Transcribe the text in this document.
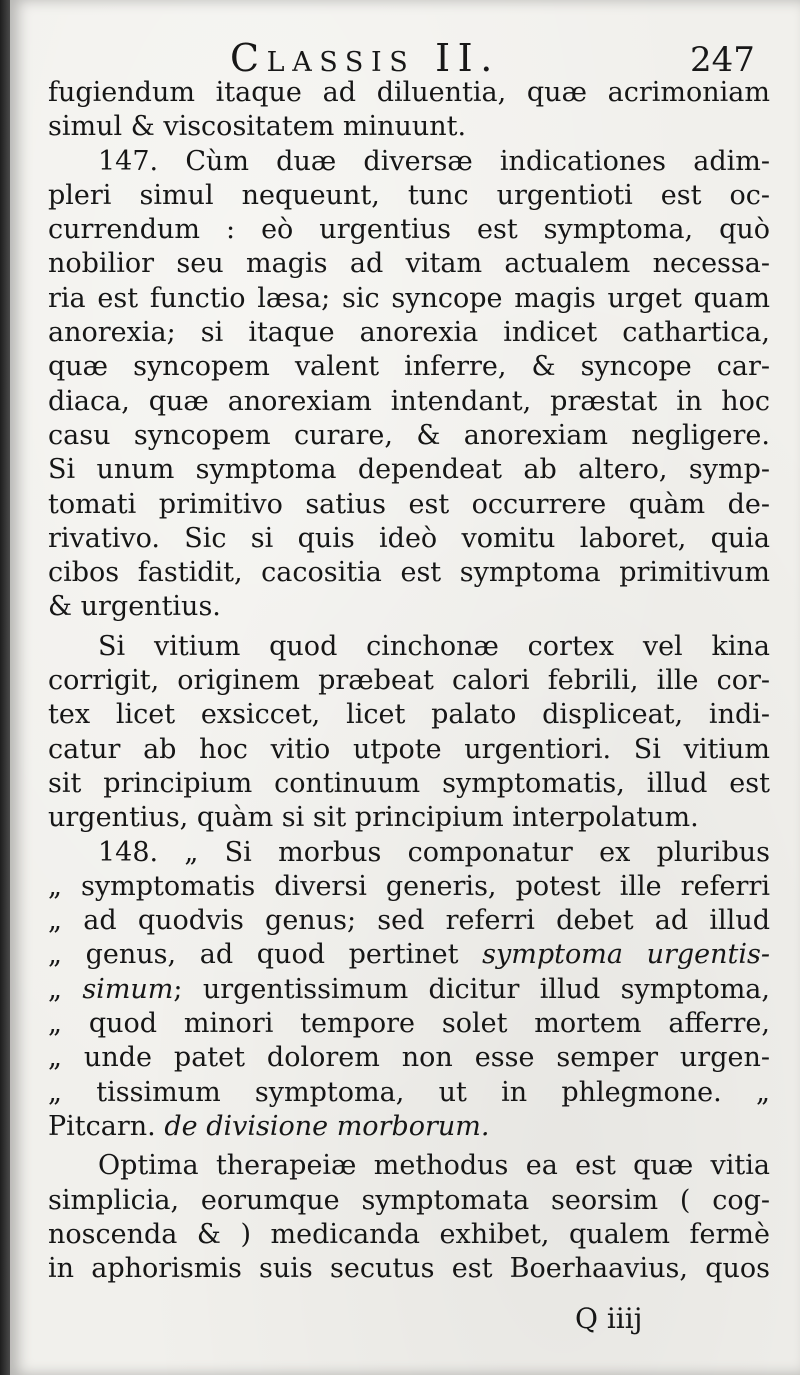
Classis II.	247
fugiendum itaque ad diluentia, quæ acrimoniam
simul & viscositatem minuunt.
147. Cùm duæ diversæ indicationes adim-
pleri simul nequeunt, tunc urgentioti est oc-
currendum : eò urgentius est symptoma, quò
nobilior seu magis ad vitam actualem necessa-
ria est functio læsa; sic syncope magis urget quam
anorexia; si itaque anorexia indicet cathartica,
quæ syncopem valent inferre, & syncope car-
diaca, quæ anorexiam intendant, præstat in hoc
casu syncopem curare, & anorexiam negligere.
Si unum symptoma dependeat ab altero, symp-
tomati primitivo satius est occurrere quàm de-
rivativo. Sic si quis ideò vomitu laboret, quia
cibos fastidit, cacositia est symptoma primitivum
& urgentius.
Si vitium quod cinchonæ cortex vel kina
corrigit, originem præbeat calori febrili, ille cor-
tex licet exsiccet, licet palato displiceat, indi-
catur ab hoc vitio utpote urgentiori. Si vitium
sit principium continuum symptomatis, illud est
urgentius, quàm si sit principium interpolatum.
148. „ Si morbus componatur ex pluribus
„ symptomatis diversi generis, potest ille referri
„ ad quodvis genus; sed referri debet ad illud
„ genus, ad quod pertinet symptoma urgentis-
„ simum; urgentissimum dicitur illud symptoma,
„ quod minori tempore solet mortem afferre,
„ unde patet dolorem non esse semper urgen-
„ tissimum symptoma, ut in phlegmone. „
Pitcarn. de divisione morborum.
Optima therapeiæ methodus ea est quæ vitia
simplicia, eorumque symptomata seorsim ( cog-
noscenda & ) medicanda exhibet, qualem fermè
in aphorismis suis secutus est Boerhaavius, quos
Q iiij
